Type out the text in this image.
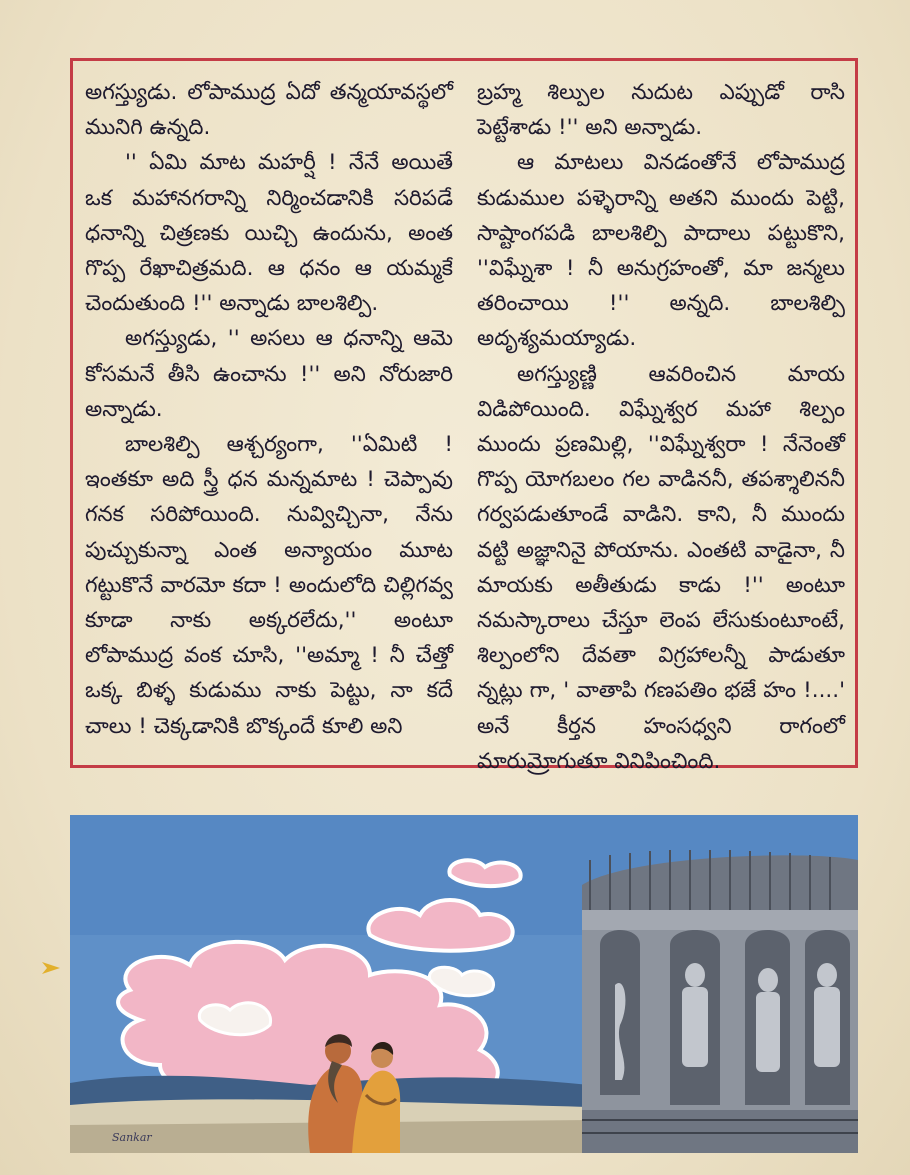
అగస్త్యుడు. లోపాముద్ర ఏదో తన్మయావస్థలో మునిగి ఉన్నది.

'' ఏమి మాట మహర్షీ ! నేనే అయితే ఒక మహానగరాన్ని నిర్మించడానికి సరిపడే ధనాన్ని చిత్రణకు యిచ్చి ఉందును, అంత గొప్ప రేఖాచిత్రమది. ఆ ధనం ఆ యమ్మకే చెందుతుంది !'' అన్నాడు బాలశిల్పి.

అగస్త్యుడు, '' అసలు ఆ ధనాన్ని ఆమె కోసమనే తీసి ఉంచాను !'' అని నోరుజారి అన్నాడు.

బాలశిల్పి ఆశ్చర్యంగా, ''ఏమిటి ! ఇంతకూ అది స్త్రీ ధన మన్నమాట ! చెప్పావు గనక సరిపోయింది. నువ్విచ్చినా, నేను పుచ్చుకున్నా ఎంత అన్యాయం మూట గట్టుకొనే వారమో కదా ! అందులోది చిల్లిగవ్వ కూడా నాకు అక్కరలేదు,'' అంటూ లోపాముద్ర వంక చూసి, ''అమ్మా ! నీ చేత్తో ఒక్క బిళ్ళ కుడుము నాకు పెట్టు, నా కదే చాలు ! చెక్కడానికి బొక్కందే కూలి అని

బ్రహ్మ శిల్పుల నుదుట ఎప్పుడో రాసి పెట్టేశాడు !'' అని అన్నాడు.

ఆ మాటలు వినడంతోనే లోపాముద్ర కుడుముల పళ్ళెరాన్ని అతని ముందు పెట్టి, సాష్టాంగపడి బాలశిల్పి పాదాలు పట్టుకొని, ''విఘ్నేశా ! నీ అనుగ్రహంతో, మా జన్మలు తరించాయి !'' అన్నది. బాలశిల్పి అదృశ్యమయ్యాడు.

అగస్త్యుణ్ణి ఆవరించిన మాయ విడిపోయింది. విఘ్నేశ్వర మహా శిల్పం ముందు ప్రణమిల్లి, ''విఘ్నేశ్వరా ! నేనెంతో గొప్ప యోగబలం గల వాడిననీ, తపశ్శాలిననీ గర్వపడుతూండే వాడిని. కాని, నీ ముందు వట్టి అజ్ఞానినై పోయాను. ఎంతటి వాడైనా, నీ మాయకు అతీతుడు కాడు !'' అంటూ నమస్కారాలు చేస్తూ లెంప లేసుకుంటూంటే, శిల్పంలోని దేవతా విగ్రహాలన్నీ పాడుతూ న్నట్లు గా, ' వాతాపి గణపతిం భజే హం !....' అనే కీర్తన హంసధ్వని రాగంలో మారుమ్రోగుతూ వినిపించింది.

Sankar
